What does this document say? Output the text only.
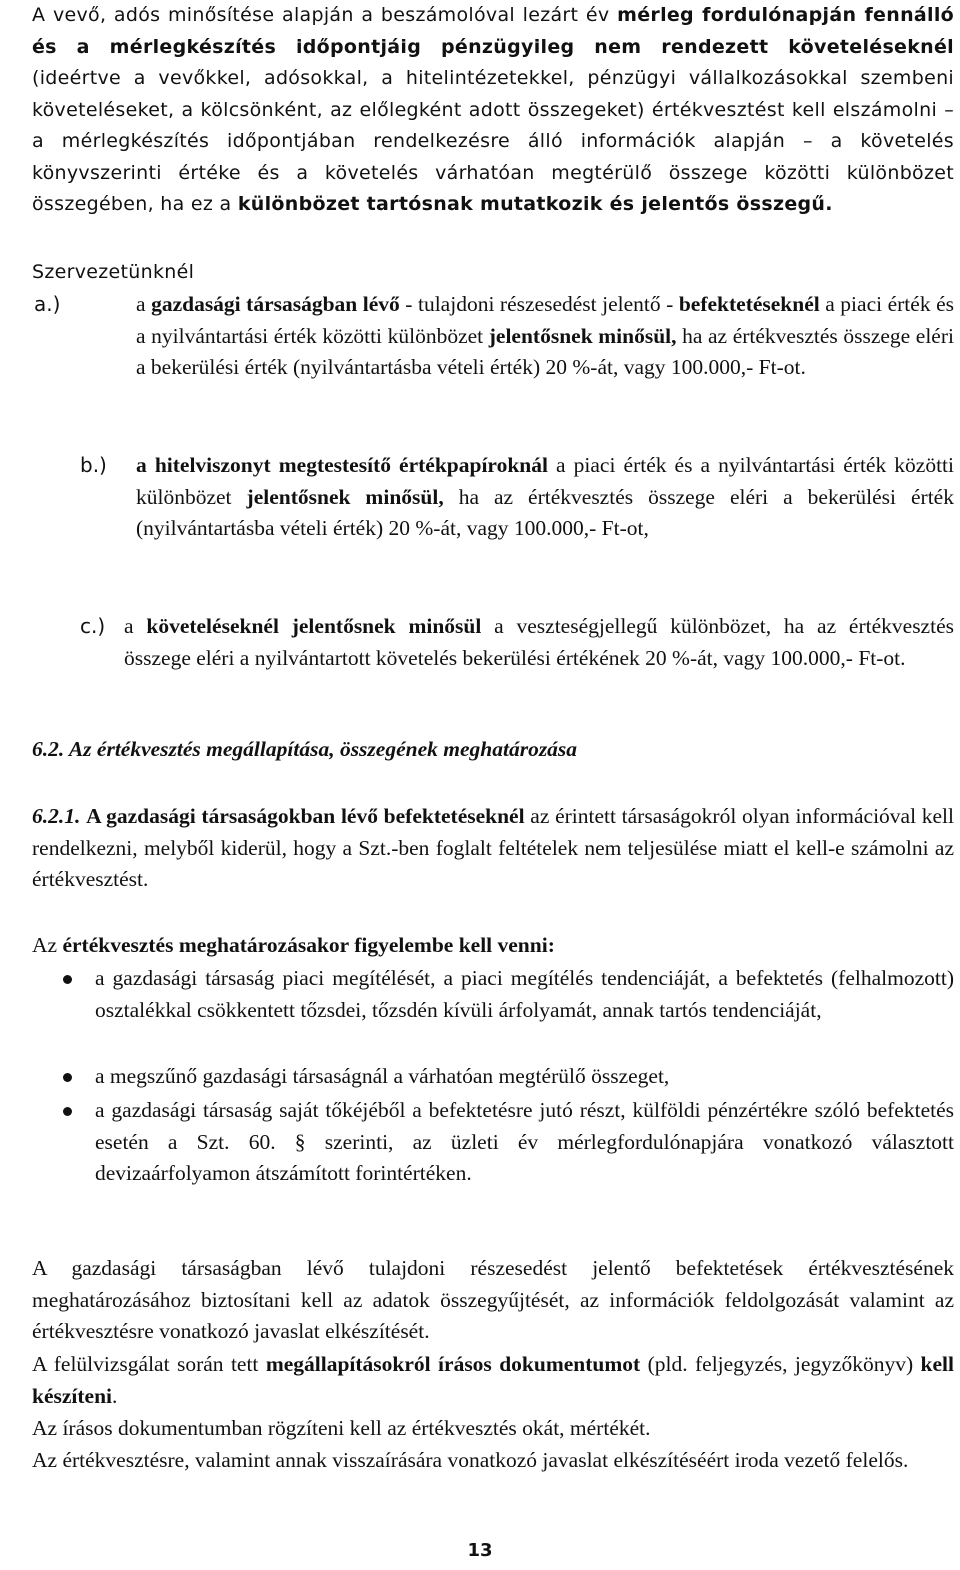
A vevő, adós minősítése alapján a beszámolóval lezárt év mérleg fordulónapján fennálló és a mérlegkészítés időpontjáig pénzügyileg nem rendezett követeléseknél (ideértve a vevőkkel, adósokkal, a hitelintézetekkel, pénzügyi vállalkozásokkal szembeni követeléseket, a kölcsönként, az előlegként adott összegeket) értékvesztést kell elszámolni – a mérlegkészítés időpontjában rendelkezésre álló információk alapján – a követelés könyvszerinti értéke és a követelés várhatóan megtérülő összege közötti különbözet összegében, ha ez a különbözet tartósnak mutatkozik és jelentős összegű.

Szervezetünknél
a.)	a gazdasági társaságban lévő - tulajdoni részesedést jelentő - befektetéseknél a piaci érték és a nyilvántartási érték közötti különbözet jelentősnek minősül, ha az értékvesztés összege eléri a bekerülési érték (nyilvántartásba vételi érték) 20 %-át, vagy 100.000,- Ft-ot.
b.) a hitelviszonyt megtestesítő értékpapíroknál a piaci érték és a nyilvántartási érték közötti különbözet jelentősnek minősül, ha az értékvesztés összege eléri a bekerülési érték (nyilvántartásba vételi érték) 20 %-át, vagy 100.000,- Ft-ot,
c.) a követeléseknél jelentősnek minősül a veszteségjellegű különbözet, ha az értékvesztés összege eléri a nyilvántartott követelés bekerülési értékének 20 %-át, vagy 100.000,- Ft-ot.
6.2. Az értékvesztés megállapítása, összegének meghatározása

6.2.1. A gazdasági társaságokban lévő befektetéseknél az érintett társaságokról olyan információval kell rendelkezni, melyből kiderül, hogy a Szt.-ben foglalt feltételek nem teljesülése miatt el kell-e számolni az értékvesztést.

Az értékvesztés meghatározásakor figyelembe kell venni:
a gazdasági társaság piaci megítélését, a piaci megítélés tendenciáját, a befektetés (felhalmozott) osztalékkal csökkentett tőzsdei, tőzsdén kívüli árfolyamát, annak tartós tendenciáját,
a megszűnő gazdasági társaságnál a várhatóan megtérülő összeget,
a gazdasági társaság saját tőkéjéből a befektetésre jutó részt, külföldi pénzértékre szóló befektetés esetén a Szt. 60. § szerinti, az üzleti év mérlegfordulónapjára vonatkozó választott devizaárfolyamon átszámított forintértéken.

A gazdasági társaságban lévő tulajdoni részesedést jelentő befektetések értékvesztésének meghatározásához biztosítani kell az adatok összegyűjtését, az információk feldolgozását valamint az értékvesztésre vonatkozó javaslat elkészítését.

A felülvizsgálat során tett megállapításokról írásos dokumentumot (pld. feljegyzés, jegyzőkönyv) kell készíteni.

Az írásos dokumentumban rögzíteni kell az értékvesztés okát, mértékét.

Az értékvesztésre, valamint annak visszaírására vonatkozó javaslat elkészítéséért iroda vezető felelős.

13
